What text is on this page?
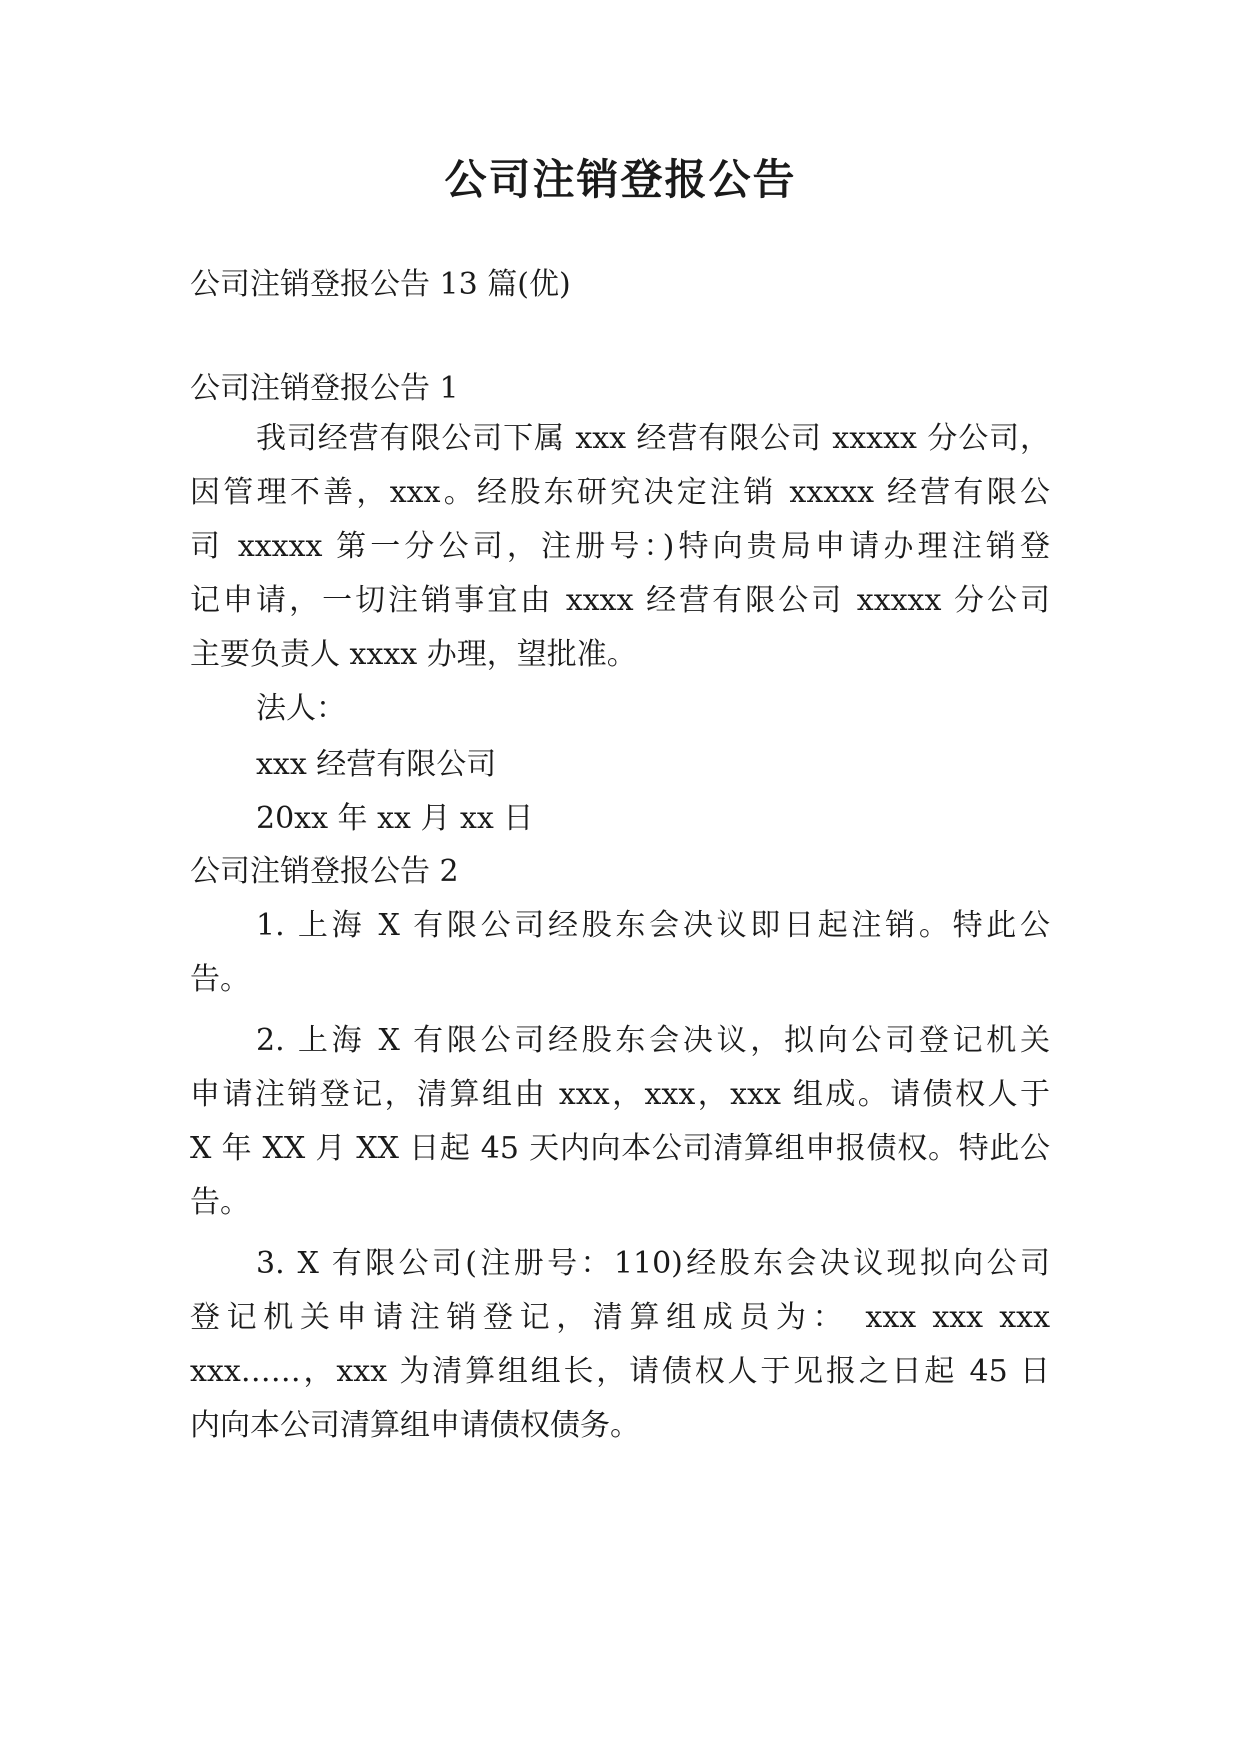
公司注销登报公告
公司注销登报公告 13 篇(优)
公司注销登报公告 1
我司经营有限公司下属 xxx 经营有限公司 xxxxx 分公司，
因管理不善，xxx。经股东研究决定注销 xxxxx 经营有限公
司 xxxxx 第一分公司，注册号：)特向贵局申请办理注销登
记申请，一切注销事宜由 xxxx 经营有限公司 xxxxx 分公司
主要负责人 xxxx 办理，望批准。
法人：
xxx 经营有限公司
20xx 年 xx 月 xx 日
公司注销登报公告 2
1. 上海 X 有限公司经股东会决议即日起注销。特此公
告。
2. 上海 X 有限公司经股东会决议，拟向公司登记机关
申请注销登记，清算组由 xxx，xxx，xxx 组成。请债权人于
X 年 XX 月 XX 日起 45 天内向本公司清算组申报债权。特此公
告。
3. X 有限公司(注册号：110)经股东会决议现拟向公司
登记机关申请注销登记，清算组成员为： xxx xxx xxx
xxx……，xxx 为清算组组长，请债权人于见报之日起 45 日
内向本公司清算组申请债权债务。
